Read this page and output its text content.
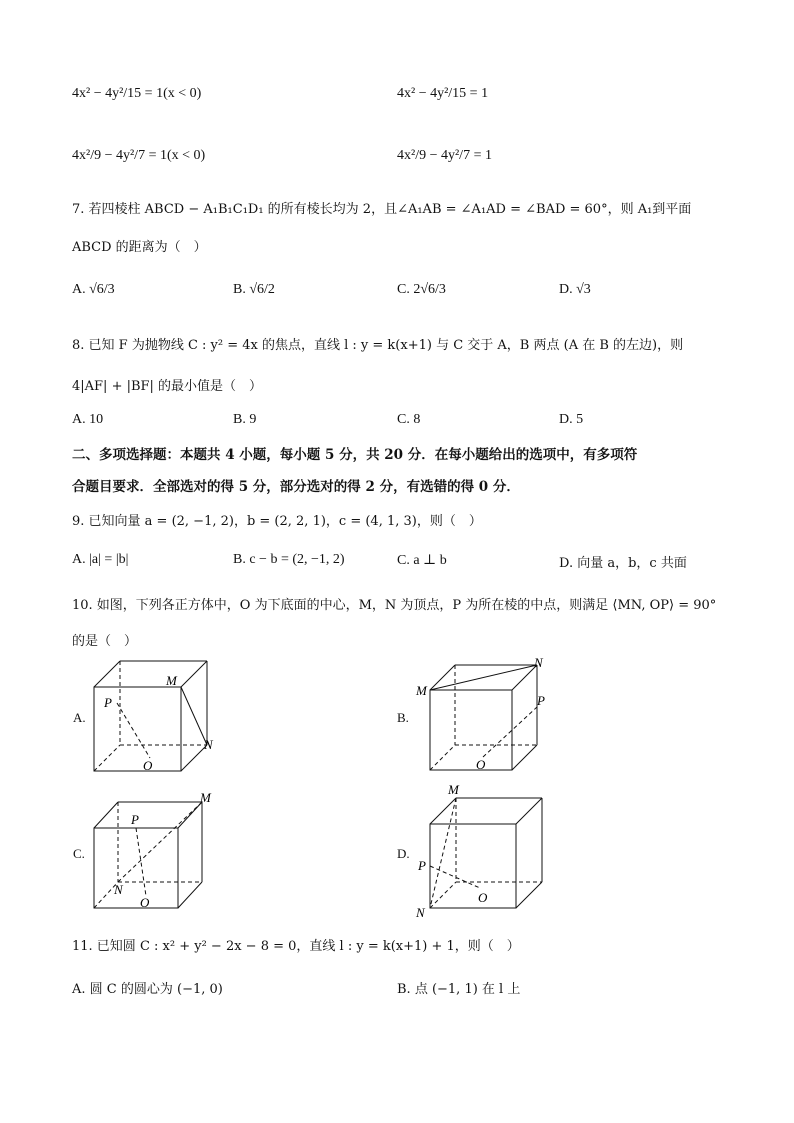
4x² − 4y²/15 = 1(x < 0)	4x² − 4y²/15 = 1
4x²/9 − 4y²/7 = 1(x < 0)	4x²/9 − 4y²/7 = 1
7. 若四棱柱 ABCD − A₁B₁C₁D₁ 的所有棱长均为 2，且∠A₁AB = ∠A₁AD = ∠BAD = 60°，则 A₁到平面
ABCD 的距离为（　）
A. √6/3	B. √6/2	C. 2√6/3	D. √3
8. 已知 F 为抛物线 C : y² = 4x 的焦点，直线 l : y = k(x+1) 与 C 交于 A，B 两点 (A 在 B 的左边)，则
4|AF| + |BF| 的最小值是（　）
A. 10	B. 9	C. 8	D. 5
二、多项选择题：本题共 4 小题，每小题 5 分，共 20 分．在每小题给出的选项中，有多项符
合题目要求．全部选对的得 5 分，部分选对的得 2 分，有选错的得 0 分．
9. 已知向量 a = (2, −1, 2)，b = (2, 2, 1)，c = (4, 1, 3)，则（　）
A. |a| = |b|	B. c − b = (2, −1, 2)	C. a ⊥ b	D. 向量 a，b，c 共面
10. 如图，下列各正方体中，O 为下底面的中心，M，N 为顶点，P 为所在棱的中点，则满足 ⟨MN, OP⟩ = 90°
的是（　）
A.	B.
C.	D.
M
N
P
O
M
N
P
O
M
N
P
O
M
N
P
O
11. 已知圆 C : x² + y² − 2x − 8 = 0，直线 l : y = k(x+1) + 1，则（　）
A. 圆 C 的圆心为 (−1, 0)	B. 点 (−1, 1) 在 l 上
